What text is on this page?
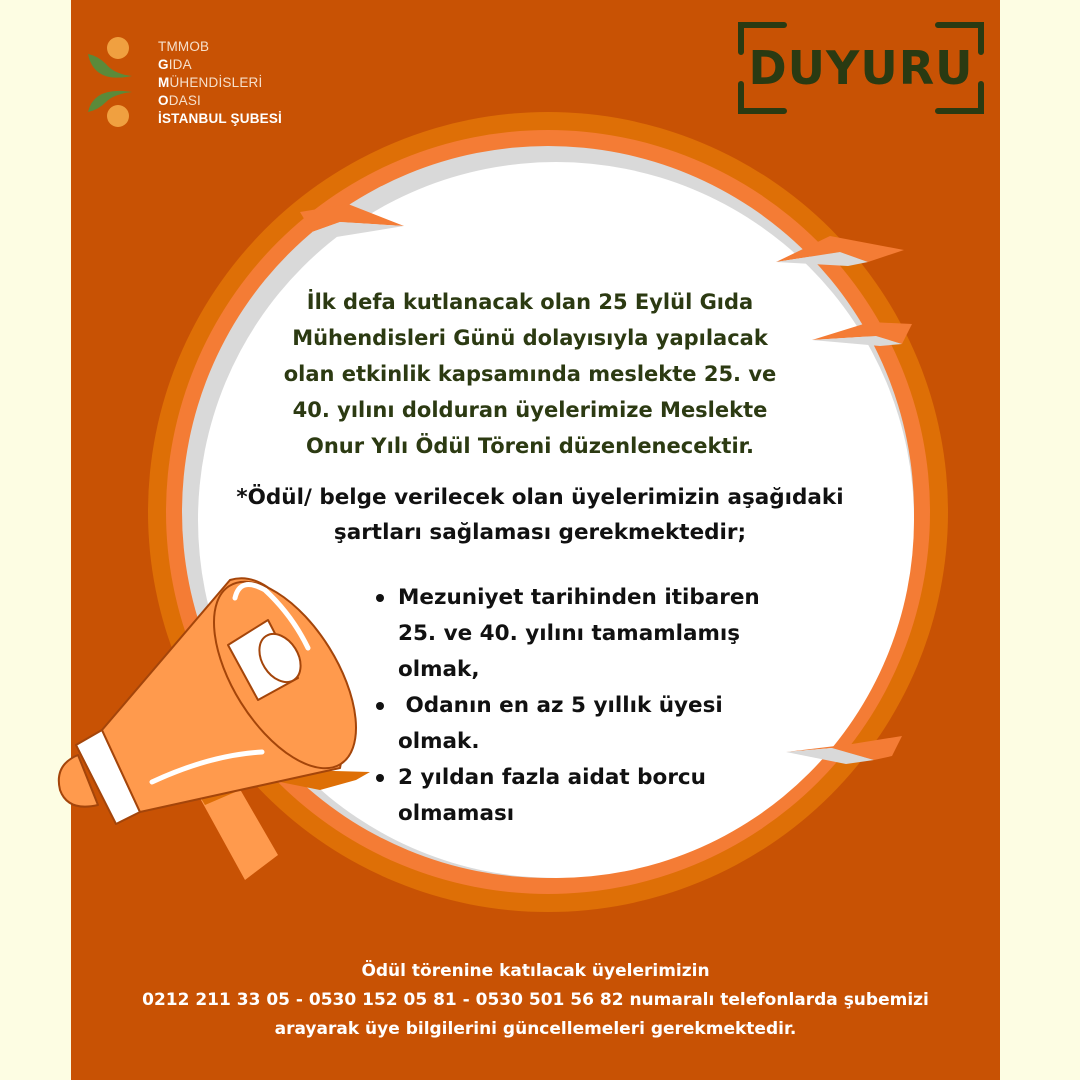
TMMOB
GIDA
MÜHENDİSLERİ
ODASI
İSTANBUL ŞUBESİ
DUYURU
İlk defa kutlanacak olan 25 Eylül Gıda
Mühendisleri Günü dolayısıyla yapılacak
olan etkinlik kapsamında meslekte 25. ve
40. yılını dolduran üyelerimize Meslekte
Onur Yılı Ödül Töreni düzenlenecektir.
*Ödül/ belge verilecek olan üyelerimizin aşağıdaki
şartları sağlaması gerekmektedir;
Mezuniyet tarihinden itibaren
25. ve 40. yılını tamamlamış
olmak,
Odanın en az 5 yıllık üyesi
olmak.
2 yıldan fazla aidat borcu
olmaması
Ödül törenine katılacak üyelerimizin
0212 211 33 05 - 0530 152 05 81 - 0530 501 56 82 numaralı telefonlarda şubemizi
arayarak üye bilgilerini güncellemeleri gerekmektedir.
